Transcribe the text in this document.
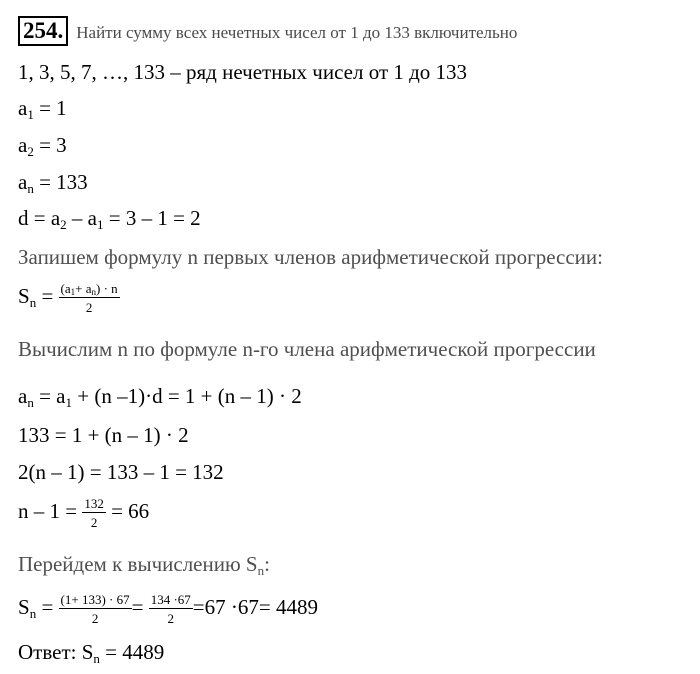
254. Найти сумму всех нечетных чисел от 1 до 133 включительно
1, 3, 5, 7, …, 133 – ряд нечетных чисел от 1 до 133
$a_1 = 1$
$a_2 = 3$
$a_n = 133$
$d = a_2 - a_1 = 3 - 1 = 2$
Запишем формулу n первых членов арифметической прогрессии:
$S_n = \frac{(a_1+ a_n) \cdot n}{2}$
Вычислим n по формуле n-го члена арифметической прогрессии
$a_n = a_1 + (n$ –1)·d = 1 + (n – 1) · 2
133 = 1 + (n – 1) · 2
2(n – 1) = 133 – 1 = 132
$n - 1 = \frac{132}{2} = 66$
Перейдем к вычислению $S_n$:
$S_n = \frac{(1+ 133) \cdot 67}{2} = \frac{134 \cdot 67}{2} =67 \cdot 67= 4489$
Ответ: $S_n = 4489$
